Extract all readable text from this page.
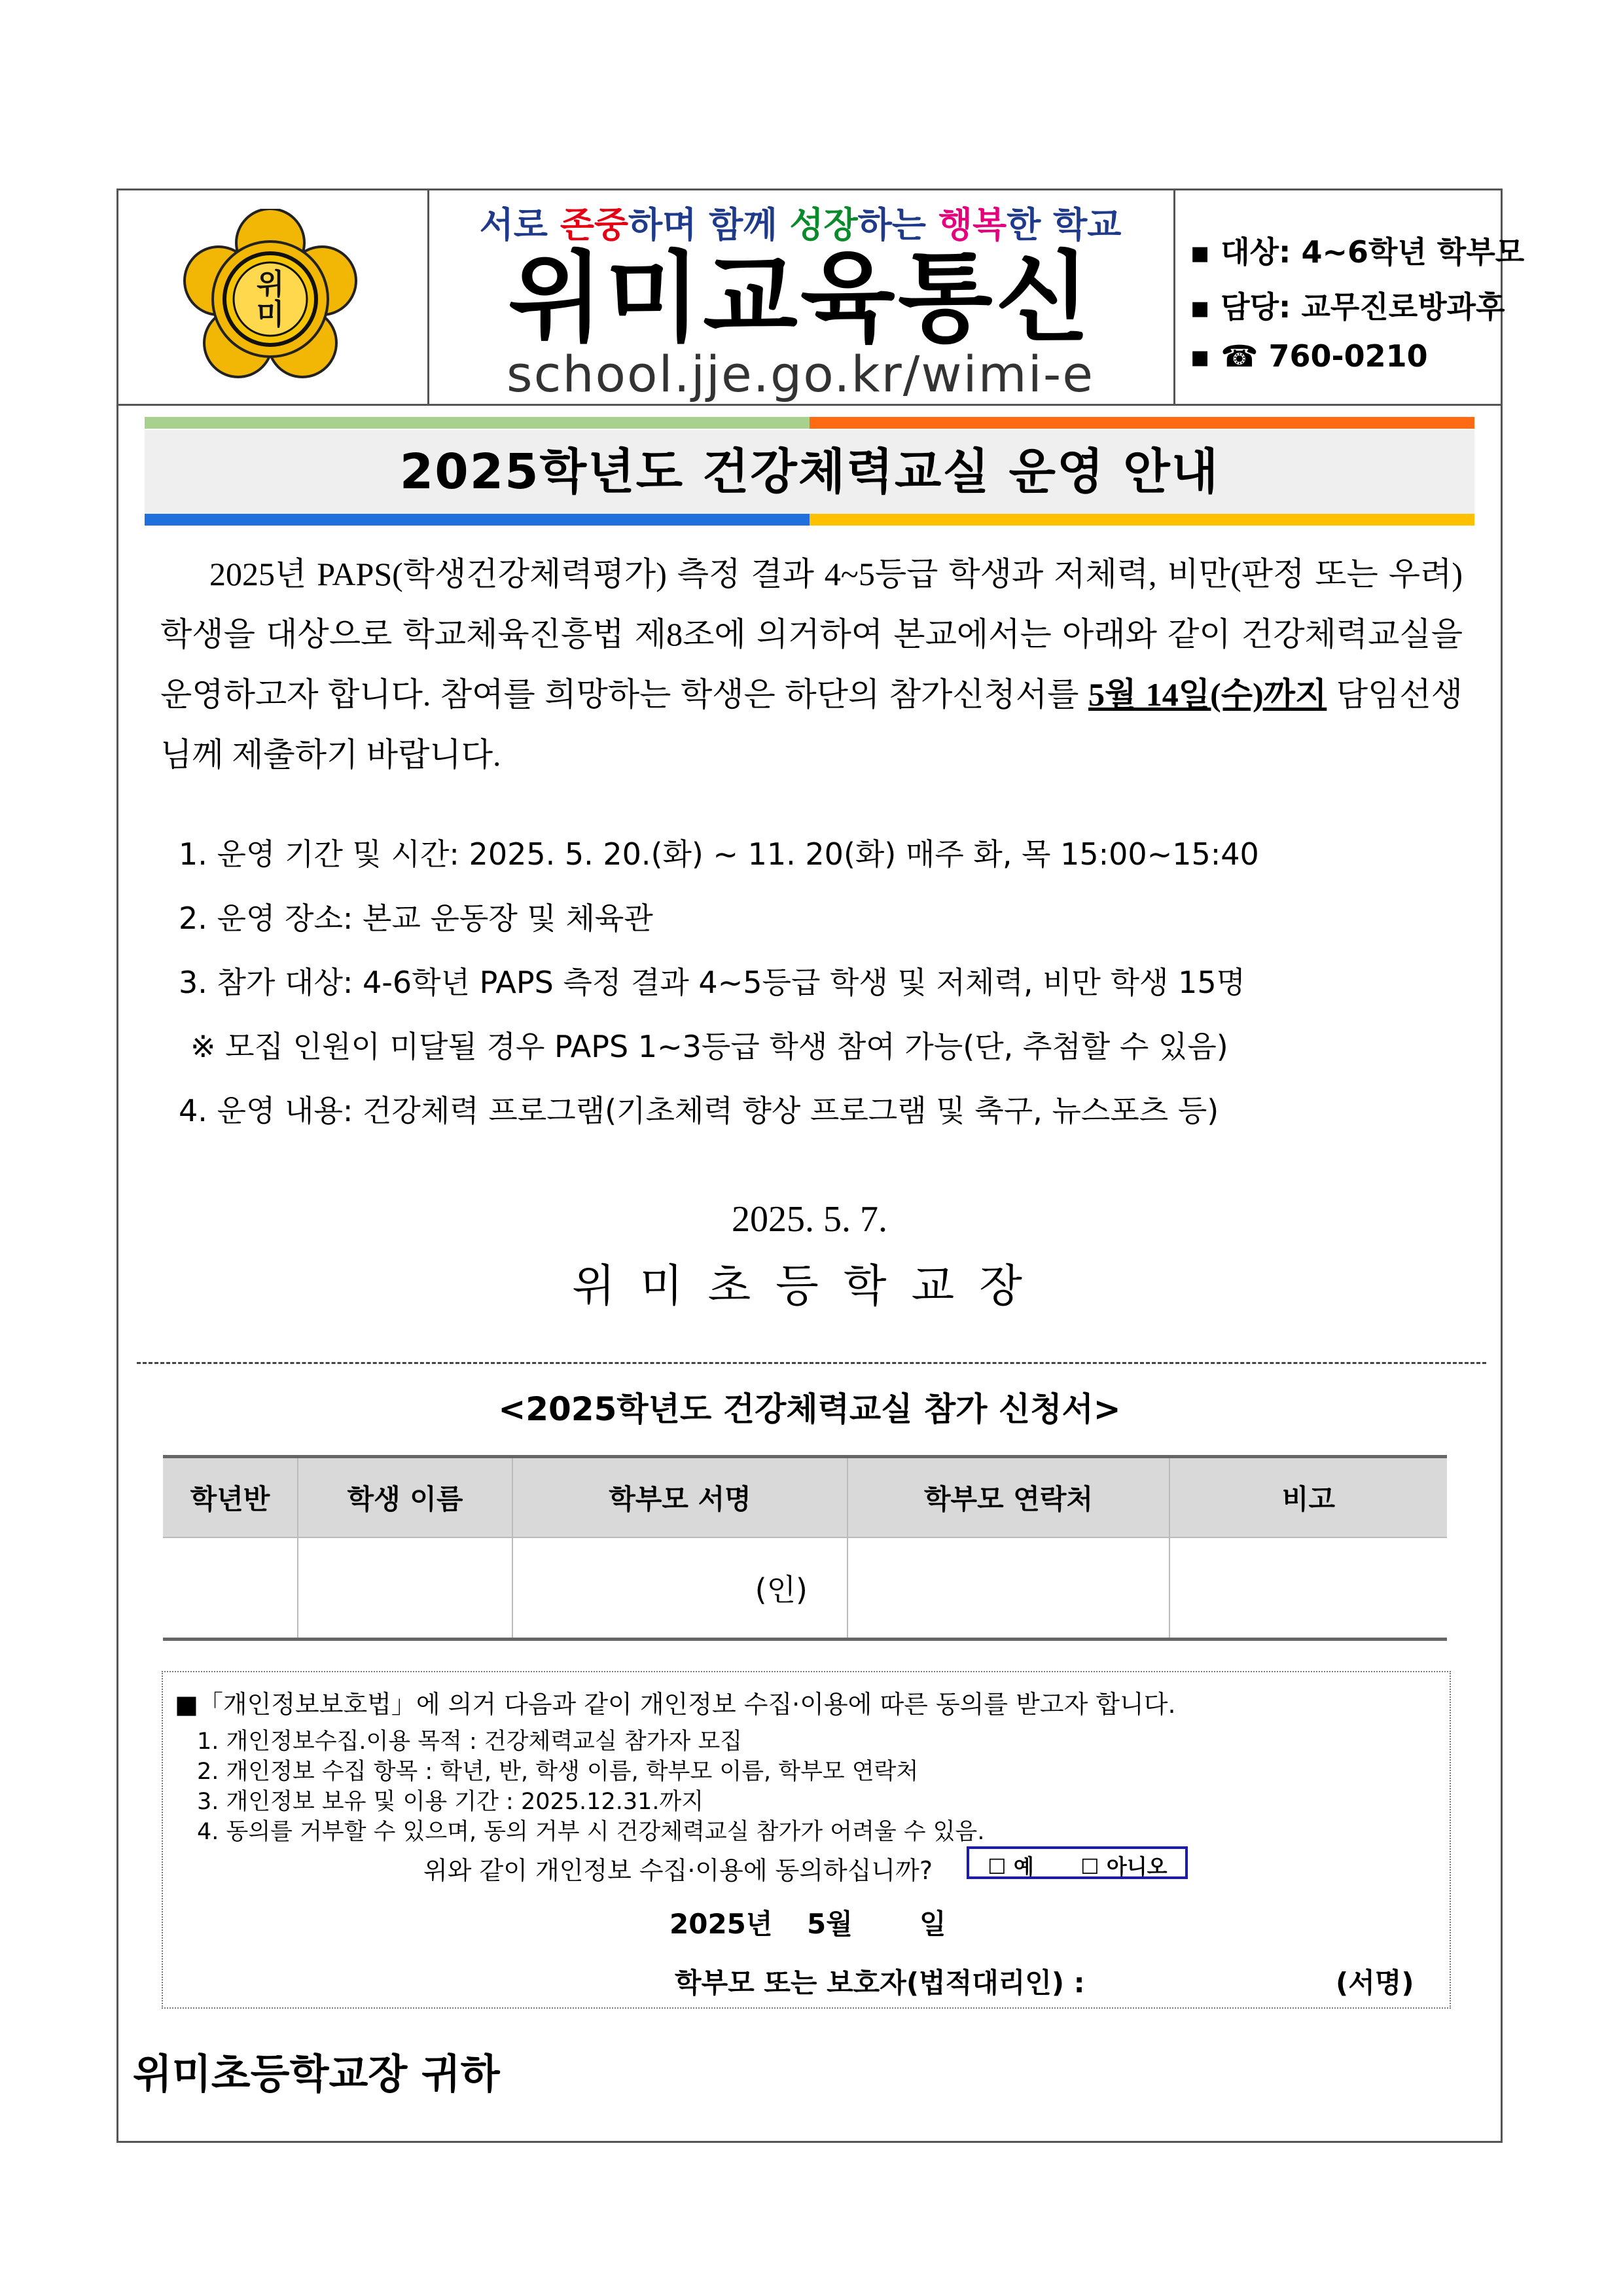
위
미
서로 존중하며 함께 성장하는 행복한 학교
위미교육통신
school.jje.go.kr/wimi-e
▪ 대상: 4~6학년 학부모
▪ 담당: 교무진로방과후
▪ ☎ 760-0210
2025학년도 건강체력교실 운영 안내
  2025년 PAPS(학생건강체력평가) 측정 결과 4~5등급 학생과 저체력, 비만(판정 또는 우려) 학생을 대상으로 학교체육진흥법 제8조에 의거하여 본교에서는 아래와 같이 건강체력교실을 운영하고자 합니다. 참여를 희망하는 학생은 하단의 참가신청서를 5월 14일(수)까지 담임선생님께 제출하기 바랍니다.
1. 운영 기간 및 시간: 2025. 5. 20.(화) ~ 11. 20(화) 매주 화, 목 15:00~15:40
2. 운영 장소: 본교 운동장 및 체육관
3. 참가 대상: 4-6학년 PAPS 측정 결과 4~5등급 학생 및 저체력, 비만 학생 15명
※ 모집 인원이 미달될 경우 PAPS 1~3등급 학생 참여 가능(단, 추첨할 수 있음)
4. 운영 내용: 건강체력 프로그램(기초체력 향상 프로그램 및 축구, 뉴스포츠 등)
2025. 5. 7.
위미초등학교장
<2025학년도 건강체력교실 참가 신청서>
학년반	학생 이름	학부모 서명	학부모 연락처	비고
		(인)		
■「개인정보보호법」에 의거 다음과 같이 개인정보 수집·이용에 따른 동의를 받고자 합니다.
1. 개인정보수집.이용 목적 : 건강체력교실 참가자 모집
2. 개인정보 수집 항목 : 학년, 반, 학생 이름, 학부모 이름, 학부모 연락처
3. 개인정보 보유 및 이용 기간 : 2025.12.31.까지
4. 동의를 거부할 수 있으며, 동의 거부 시 건강체력교실 참가가 어려울 수 있음.
위와 같이 개인정보 수집·이용에 동의하십니까?	☐ 예 ☐ 아니오
2025년 5월 일
학부모 또는 보호자(법적대리인) :	(서명)
위미초등학교장 귀하
